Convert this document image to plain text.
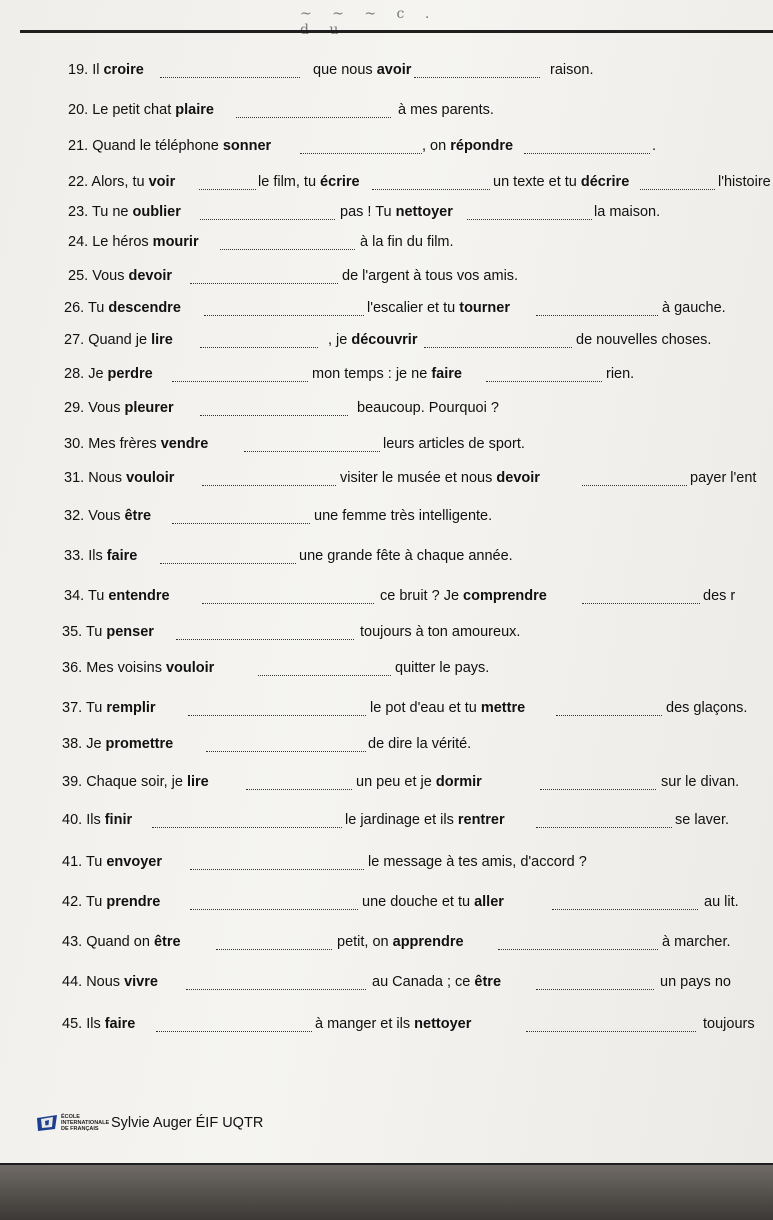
~ ~ ~ c .
19. Il croire	que nous avoir	raison.
20. Le petit chat plaire	à mes parents.
21. Quand le téléphone sonner	, on répondre	.
22. Alors, tu voir	le film, tu écrire	un texte et tu décrire	l'histoire
23. Tu ne oublier	pas ! Tu nettoyer	la maison.
24. Le héros mourir	à la fin du film.
25. Vous devoir	de l'argent à tous vos amis.
26. Tu descendre	l'escalier et tu tourner	à gauche.
27. Quand je lire	, je découvrir	de nouvelles choses.
28. Je perdre	mon temps : je ne faire	rien.
29. Vous pleurer	beaucoup. Pourquoi ?
30. Mes frères vendre	leurs articles de sport.
31. Nous vouloir	visiter le musée et nous devoir	payer l'ent
32. Vous être	une femme très intelligente.
33. Ils faire	une grande fête à chaque année.
34. Tu entendre	ce bruit ? Je comprendre	des r
35. Tu penser	toujours à ton amoureux.
36. Mes voisins vouloir	quitter le pays.
37. Tu remplir	le pot d'eau et tu mettre	des glaçons.
38. Je promettre	de dire la vérité.
39. Chaque soir, je lire	un peu et je dormir	sur le divan.
40. Ils finir	le jardinage et ils rentrer	se laver.
41. Tu envoyer	le message à tes amis, d'accord ?
42. Tu prendre	une douche et tu aller	au lit.
43. Quand on être	petit, on apprendre	à marcher.
44. Nous vivre	au Canada ; ce être	un pays no
45. Ils faire	à manger et ils nettoyer	toujours
ÉCOLE INTERNATIONALE DE FRANÇAIS Sylvie Auger ÉIF UQTR
